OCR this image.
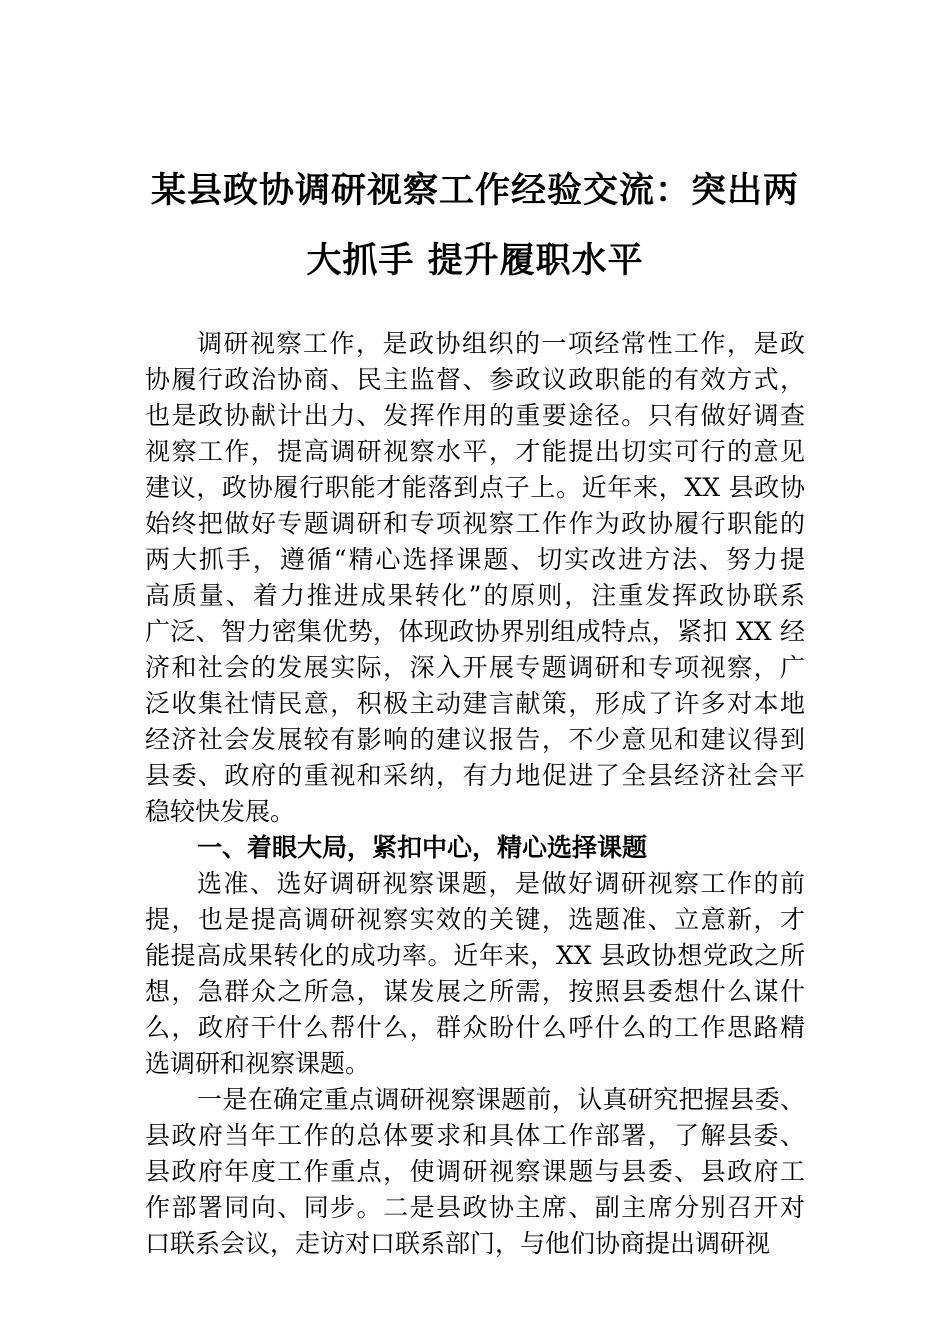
某县政协调研视察工作经验交流：突出两
大抓手 提升履职水平
调研视察工作，是政协组织的一项经常性工作，是政
协履行政治协商、民主监督、参政议政职能的有效方式，
也是政协献计出力、发挥作用的重要途径。只有做好调查
视察工作，提高调研视察水平，才能提出切实可行的意见
建议，政协履行职能才能落到点子上。近年来，XX 县政协
始终把做好专题调研和专项视察工作作为政协履行职能的
两大抓手，遵循“精心选择课题、切实改进方法、努力提
高质量、着力推进成果转化”的原则，注重发挥政协联系
广泛、智力密集优势，体现政协界别组成特点，紧扣 XX 经
济和社会的发展实际，深入开展专题调研和专项视察，广
泛收集社情民意，积极主动建言献策，形成了许多对本地
经济社会发展较有影响的建议报告，不少意见和建议得到
县委、政府的重视和采纳，有力地促进了全县经济社会平
稳较快发展。
一、着眼大局，紧扣中心，精心选择课题
选准、选好调研视察课题，是做好调研视察工作的前
提，也是提高调研视察实效的关键，选题准、立意新，才
能提高成果转化的成功率。近年来，XX 县政协想党政之所
想，急群众之所急，谋发展之所需，按照县委想什么谋什
么，政府干什么帮什么，群众盼什么呼什么的工作思路精
选调研和视察课题。
一是在确定重点调研视察课题前，认真研究把握县委、
县政府当年工作的总体要求和具体工作部署，了解县委、
县政府年度工作重点，使调研视察课题与县委、县政府工
作部署同向、同步。二是县政协主席、副主席分别召开对
口联系会议，走访对口联系部门，与他们协商提出调研视
